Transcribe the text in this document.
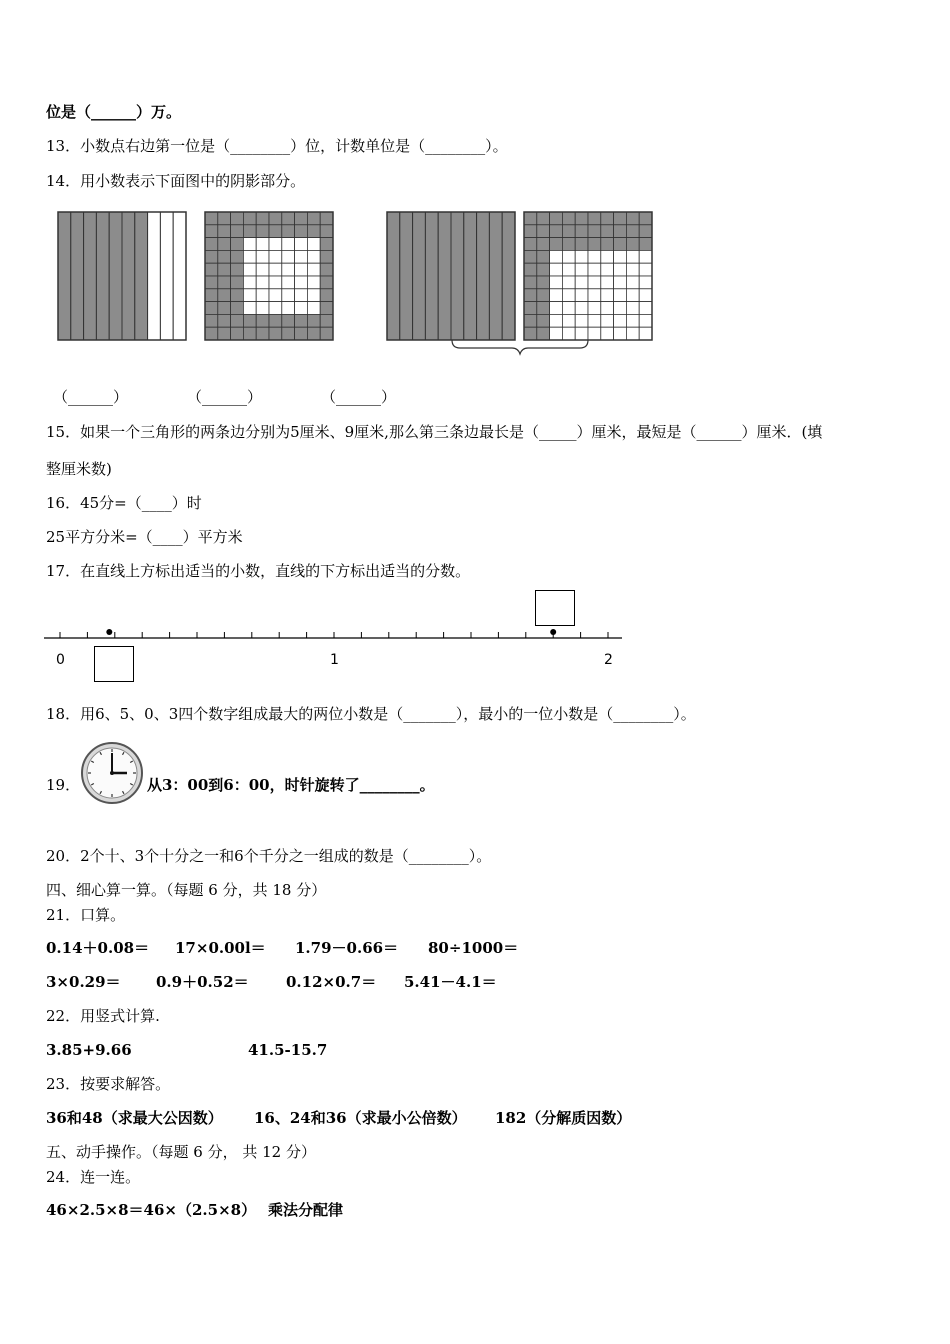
位是（______）万。
13．小数点右边第一位是（________）位，计数单位是（________）。
14．用小数表示下面图中的阴影部分。
（______）	（______）	（______）
15．如果一个三角形的两条边分别为5厘米、9厘米,那么第三条边最长是（_____）厘米，最短是（______）厘米．(填
整厘米数)
16．45分=（____）时
25平方分米=（____）平方米
17．在直线上方标出适当的小数，直线的下方标出适当的分数。
0	1	2
18．用6、5、0、3四个数字组成最大的两位小数是（_______），最小的一位小数是（________）。
19．	从3：00到6：00，时针旋转了________。
20．2个十、3个十分之一和6个千分之一组成的数是（________）。
四、细心算一算。（每题 6 分，共 18 分）
21．口算。
0.14＋0.08＝ 17×0.00l＝ 1.79－0.66＝ 80÷1000＝
3×0.29＝ 0.9＋0.52＝ 0.12×0.7＝ 5.41－4.1＝
22．用竖式计算.
3.85+9.66	41.5-15.7
23．按要求解答。
36和48（求最大公因数） 16、24和36（求最小公倍数） 182（分解质因数）
五、动手操作。（每题 6 分， 共 12 分）
24．连一连。
46×2.5×8＝46×（2.5×8） 乘法分配律
